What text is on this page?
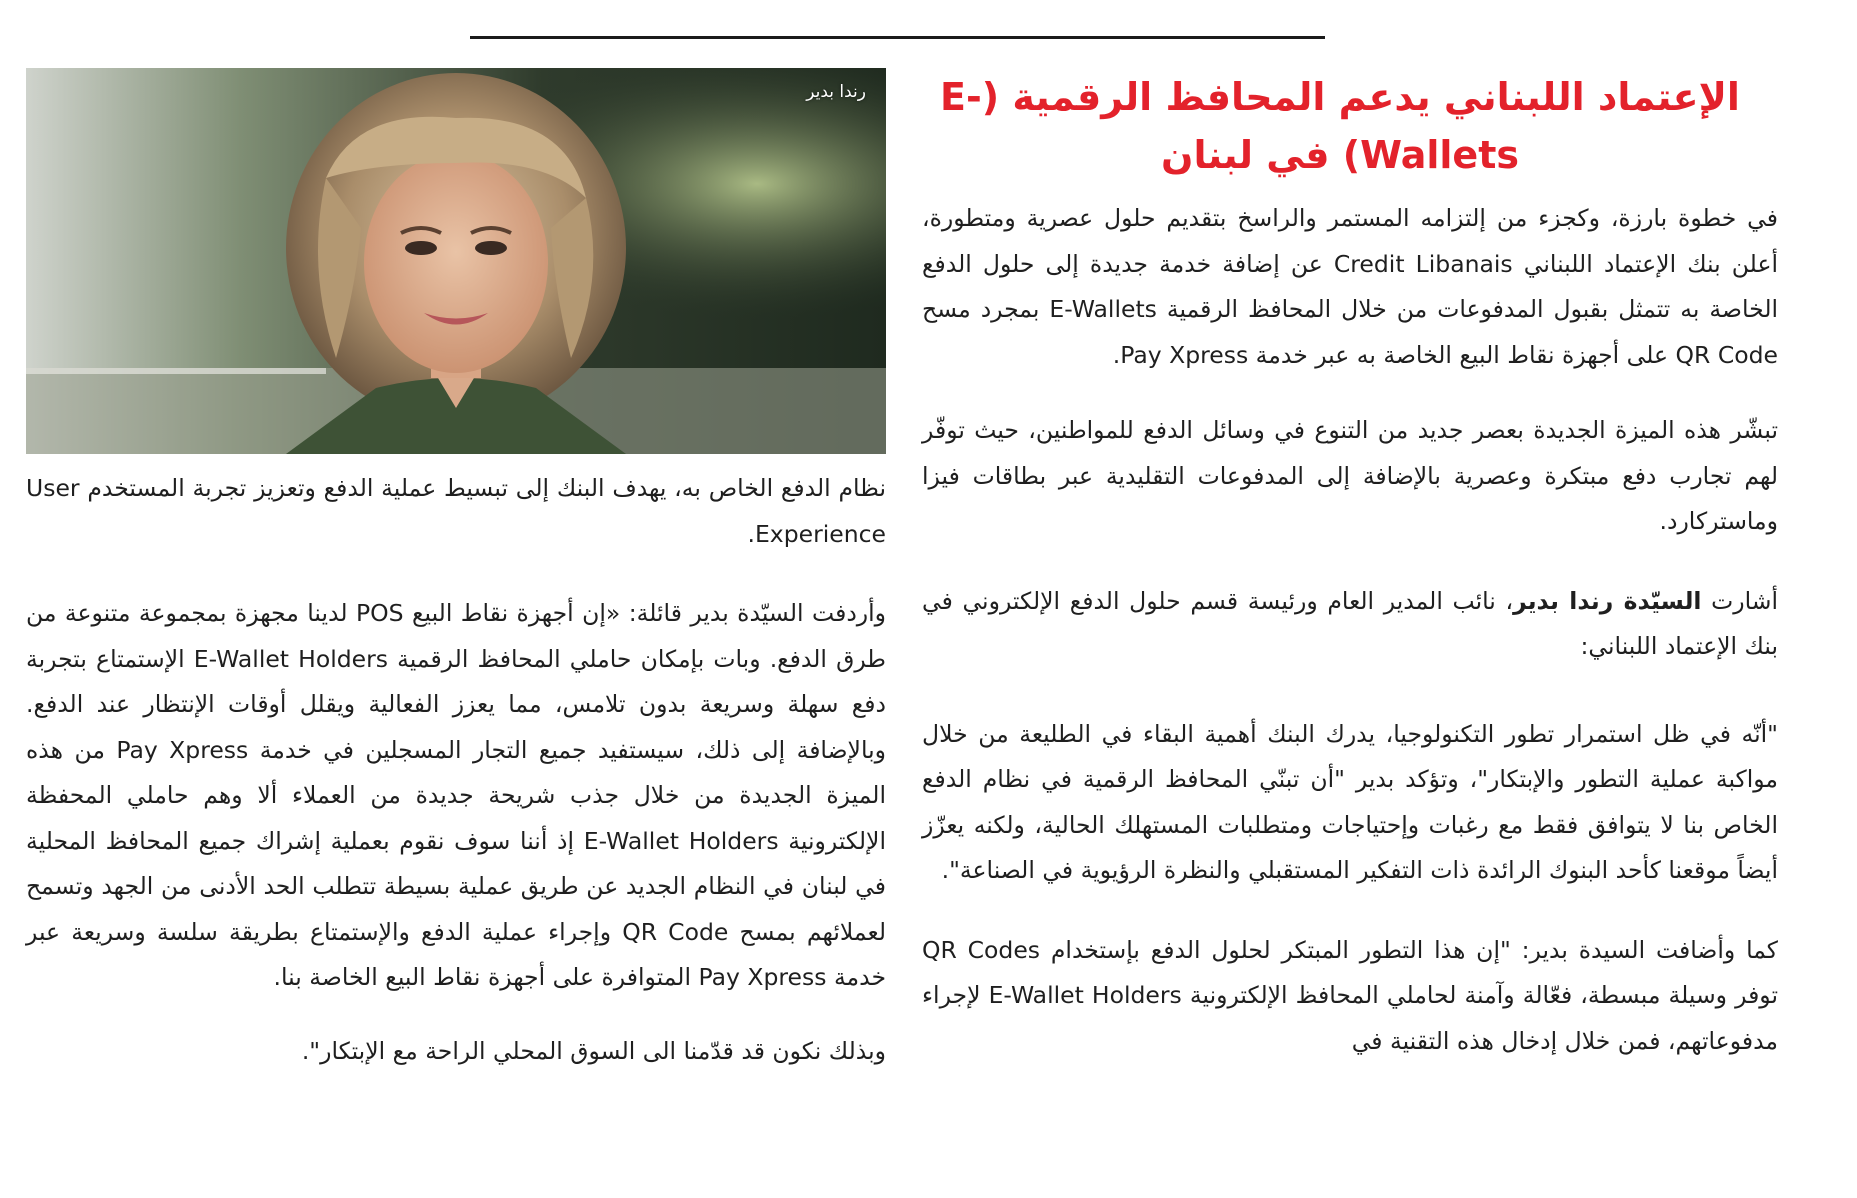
رندا بدير	الإعتماد اللبناني يدعم المحافظ الرقمية (E-Wallets) في لبنان

في خطوة بارزة، وكجزء من إلتزامه المستمر والراسخ بتقديم حلول عصرية ومتطورة، أعلن بنك الإعتماد اللبناني Credit Libanais عن إضافة خدمة جديدة إلى حلول الدفع الخاصة به تتمثل بقبول المدفوعات من خلال المحافظ الرقمية E-Wallets بمجرد مسح QR Code على أجهزة نقاط البيع الخاصة به عبر خدمة Pay Xpress.

تبشّر هذه الميزة الجديدة بعصر جديد من التنوع في وسائل الدفع للمواطنين، حيث توفّر لهم تجارب دفع مبتكرة وعصرية بالإضافة إلى المدفوعات التقليدية عبر بطاقات فيزا وماستركارد.

أشارت السيّدة رندا بدير، نائب المدير العام ورئيسة قسم حلول الدفع الإلكتروني في بنك الإعتماد اللبناني:

"أنّه في ظل استمرار تطور التكنولوجيا، يدرك البنك أهمية البقاء في الطليعة من خلال مواكبة عملية التطور والإبتكار"، وتؤكد بدير "أن تبنّي المحافظ الرقمية في نظام الدفع الخاص بنا لا يتوافق فقط مع رغبات وإحتياجات ومتطلبات المستهلك الحالية، ولكنه يعزّز أيضاً موقعنا كأحد البنوك الرائدة ذات التفكير المستقبلي والنظرة الرؤيوية في الصناعة".

كما وأضافت السيدة بدير: "إن هذا التطور المبتكر لحلول الدفع بإستخدام QR Codes توفر وسيلة مبسطة، فعّالة وآمنة لحاملي المحافظ الإلكترونية E-Wallet Holders لإجراء مدفوعاتهم، فمن خلال إدخال هذه التقنية في

نظام الدفع الخاص به، يهدف البنك إلى تبسيط عملية الدفع وتعزيز تجربة المستخدم User Experience.

وأردفت السيّدة بدير قائلة: «إن أجهزة نقاط البيع POS لدينا مجهزة بمجموعة متنوعة من طرق الدفع. وبات بإمكان حاملي المحافظ الرقمية E-Wallet Holders الإستمتاع بتجربة دفع سهلة وسريعة بدون تلامس، مما يعزز الفعالية ويقلل أوقات الإنتظار عند الدفع. وبالإضافة إلى ذلك، سيستفيد جميع التجار المسجلين في خدمة Pay Xpress من هذه الميزة الجديدة من خلال جذب شريحة جديدة من العملاء ألا وهم حاملي المحفظة الإلكترونية E-Wallet Holders إذ أننا سوف نقوم بعملية إشراك جميع المحافظ المحلية في لبنان في النظام الجديد عن طريق عملية بسيطة تتطلب الحد الأدنى من الجهد وتسمح لعملائهم بمسح QR Code وإجراء عملية الدفع والإستمتاع بطريقة سلسة وسريعة عبر خدمة Pay Xpress المتوافرة على أجهزة نقاط البيع الخاصة بنا.

وبذلك نكون قد قدّمنا الى السوق المحلي الراحة مع الإبتكار".
